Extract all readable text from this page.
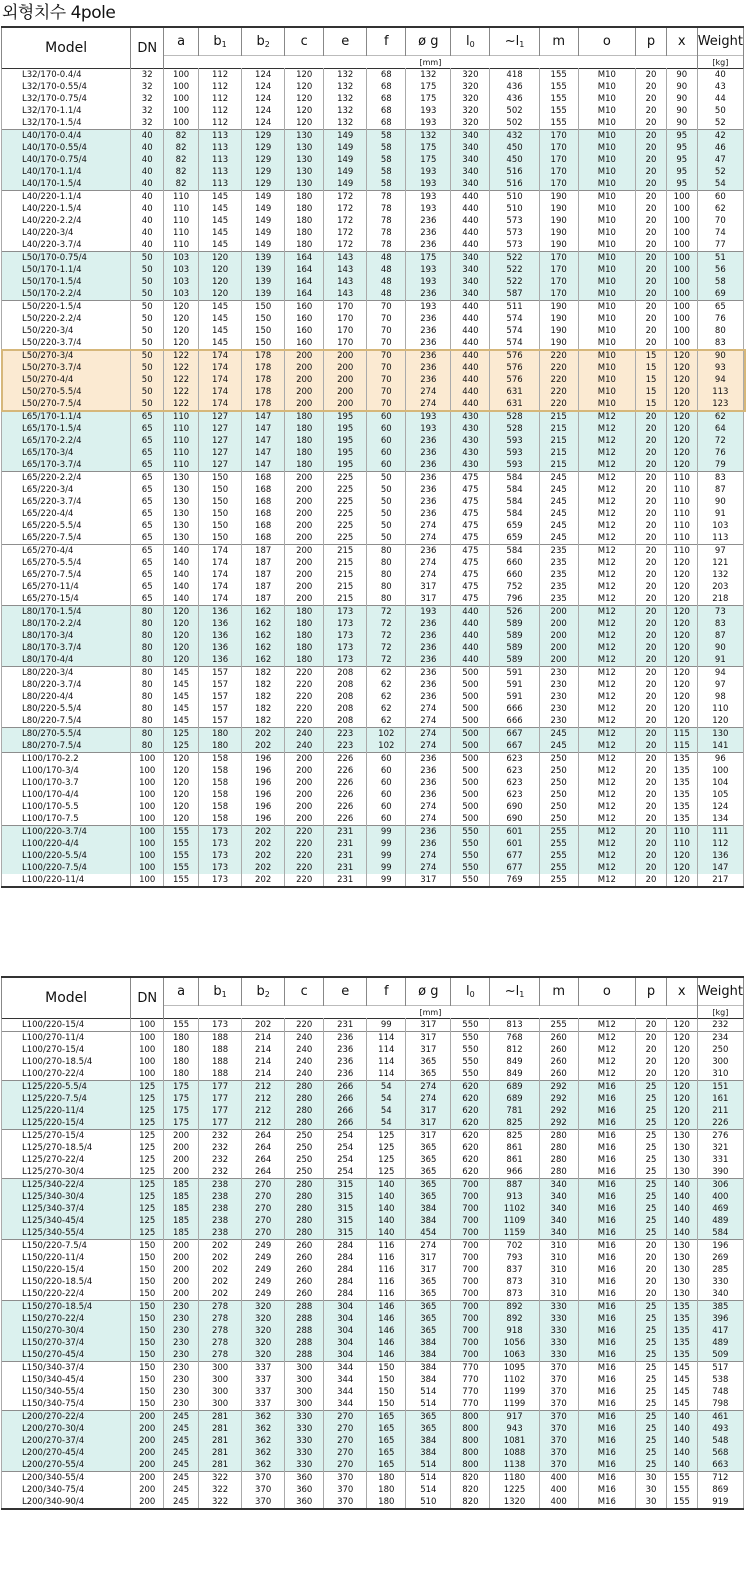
외형치수 4pole
Model	DN	a	$b_1$	$b_2$	c	e	f	ø g	$l_0$	$\sim l_1$	m	o	p	x	Weight
		[mm]													[kg]
L32/170-0.4/4	32	100	112	124	120	132	68	132	320	418	155	M10	20	90	40
L32/170-0.55/4	32	100	112	124	120	132	68	175	320	436	155	M10	20	90	43
L32/170-0.75/4	32	100	112	124	120	132	68	175	320	436	155	M10	20	90	44
L32/170-1.1/4	32	100	112	124	120	132	68	193	320	502	155	M10	20	90	50
L32/170-1.5/4	32	100	112	124	120	132	68	193	320	502	155	M10	20	90	52
L40/170-0.4/4	40	82	113	129	130	149	58	132	340	432	170	M10	20	95	42
L40/170-0.55/4	40	82	113	129	130	149	58	175	340	450	170	M10	20	95	46
L40/170-0.75/4	40	82	113	129	130	149	58	175	340	450	170	M10	20	95	47
L40/170-1.1/4	40	82	113	129	130	149	58	193	340	516	170	M10	20	95	52
L40/170-1.5/4	40	82	113	129	130	149	58	193	340	516	170	M10	20	95	54
L40/220-1.1/4	40	110	145	149	180	172	78	193	440	510	190	M10	20	100	60
L40/220-1.5/4	40	110	145	149	180	172	78	193	440	510	190	M10	20	100	62
L40/220-2.2/4	40	110	145	149	180	172	78	236	440	573	190	M10	20	100	70
L40/220-3/4	40	110	145	149	180	172	78	236	440	573	190	M10	20	100	74
L40/220-3.7/4	40	110	145	149	180	172	78	236	440	573	190	M10	20	100	77
L50/170-0.75/4	50	103	120	139	164	143	48	175	340	522	170	M10	20	100	51
L50/170-1.1/4	50	103	120	139	164	143	48	193	340	522	170	M10	20	100	56
L50/170-1.5/4	50	103	120	139	164	143	48	193	340	522	170	M10	20	100	58
L50/170-2.2/4	50	103	120	139	164	143	48	236	340	587	170	M10	20	100	69
L50/220-1.5/4	50	120	145	150	160	170	70	193	440	511	190	M10	20	100	65
L50/220-2.2/4	50	120	145	150	160	170	70	236	440	574	190	M10	20	100	76
L50/220-3/4	50	120	145	150	160	170	70	236	440	574	190	M10	20	100	80
L50/220-3.7/4	50	120	145	150	160	170	70	236	440	574	190	M10	20	100	83
L50/270-3/4	50	122	174	178	200	200	70	236	440	576	220	M10	15	120	90
L50/270-3.7/4	50	122	174	178	200	200	70	236	440	576	220	M10	15	120	93
L50/270-4/4	50	122	174	178	200	200	70	236	440	576	220	M10	15	120	94
L50/270-5.5/4	50	122	174	178	200	200	70	274	440	631	220	M10	15	120	113
L50/270-7.5/4	50	122	174	178	200	200	70	274	440	631	220	M10	15	120	123
L65/170-1.1/4	65	110	127	147	180	195	60	193	430	528	215	M12	20	120	62
L65/170-1.5/4	65	110	127	147	180	195	60	193	430	528	215	M12	20	120	64
L65/170-2.2/4	65	110	127	147	180	195	60	236	430	593	215	M12	20	120	72
L65/170-3/4	65	110	127	147	180	195	60	236	430	593	215	M12	20	120	76
L65/170-3.7/4	65	110	127	147	180	195	60	236	430	593	215	M12	20	120	79
L65/220-2.2/4	65	130	150	168	200	225	50	236	475	584	245	M12	20	110	83
L65/220-3/4	65	130	150	168	200	225	50	236	475	584	245	M12	20	110	87
L65/220-3.7/4	65	130	150	168	200	225	50	236	475	584	245	M12	20	110	90
L65/220-4/4	65	130	150	168	200	225	50	236	475	584	245	M12	20	110	91
L65/220-5.5/4	65	130	150	168	200	225	50	274	475	659	245	M12	20	110	103
L65/220-7.5/4	65	130	150	168	200	225	50	274	475	659	245	M12	20	110	113
L65/270-4/4	65	140	174	187	200	215	80	236	475	584	235	M12	20	110	97
L65/270-5.5/4	65	140	174	187	200	215	80	274	475	660	235	M12	20	120	121
L65/270-7.5/4	65	140	174	187	200	215	80	274	475	660	235	M12	20	120	132
L65/270-11/4	65	140	174	187	200	215	80	317	475	752	235	M12	20	120	203
L65/270-15/4	65	140	174	187	200	215	80	317	475	796	235	M12	20	120	218
L80/170-1.5/4	80	120	136	162	180	173	72	193	440	526	200	M12	20	120	73
L80/170-2.2/4	80	120	136	162	180	173	72	236	440	589	200	M12	20	120	83
L80/170-3/4	80	120	136	162	180	173	72	236	440	589	200	M12	20	120	87
L80/170-3.7/4	80	120	136	162	180	173	72	236	440	589	200	M12	20	120	90
L80/170-4/4	80	120	136	162	180	173	72	236	440	589	200	M12	20	120	91
L80/220-3/4	80	145	157	182	220	208	62	236	500	591	230	M12	20	120	94
L80/220-3.7/4	80	145	157	182	220	208	62	236	500	591	230	M12	20	120	97
L80/220-4/4	80	145	157	182	220	208	62	236	500	591	230	M12	20	120	98
L80/220-5.5/4	80	145	157	182	220	208	62	274	500	666	230	M12	20	120	110
L80/220-7.5/4	80	145	157	182	220	208	62	274	500	666	230	M12	20	120	120
L80/270-5.5/4	80	125	180	202	240	223	102	274	500	667	245	M12	20	115	130
L80/270-7.5/4	80	125	180	202	240	223	102	274	500	667	245	M12	20	115	141
L100/170-2.2	100	120	158	196	200	226	60	236	500	623	250	M12	20	135	96
L100/170-3/4	100	120	158	196	200	226	60	236	500	623	250	M12	20	135	100
L100/170-3.7	100	120	158	196	200	226	60	236	500	623	250	M12	20	135	104
L100/170-4/4	100	120	158	196	200	226	60	236	500	623	250	M12	20	135	105
L100/170-5.5	100	120	158	196	200	226	60	274	500	690	250	M12	20	135	124
L100/170-7.5	100	120	158	196	200	226	60	274	500	690	250	M12	20	135	134
L100/220-3.7/4	100	155	173	202	220	231	99	236	550	601	255	M12	20	110	111
L100/220-4/4	100	155	173	202	220	231	99	236	550	601	255	M12	20	110	112
L100/220-5.5/4	100	155	173	202	220	231	99	274	550	677	255	M12	20	120	136
L100/220-7.5/4	100	155	173	202	220	231	99	274	550	677	255	M12	20	120	147
L100/220-11/4	100	155	173	202	220	231	99	317	550	769	255	M12	20	120	217
Model	DN	a	$b_1$	$b_2$	c	e	f	ø g	$l_0$	$\sim l_1$	m	o	p	x	Weight
		[mm]													[kg]
L100/220-15/4	100	155	173	202	220	231	99	317	550	813	255	M12	20	120	232
L100/270-11/4	100	180	188	214	240	236	114	317	550	768	260	M12	20	120	234
L100/270-15/4	100	180	188	214	240	236	114	317	550	812	260	M12	20	120	250
L100/270-18.5/4	100	180	188	214	240	236	114	365	550	849	260	M12	20	120	300
L100/270-22/4	100	180	188	214	240	236	114	365	550	849	260	M12	20	120	310
L125/220-5.5/4	125	175	177	212	280	266	54	274	620	689	292	M16	25	120	151
L125/220-7.5/4	125	175	177	212	280	266	54	274	620	689	292	M16	25	120	161
L125/220-11/4	125	175	177	212	280	266	54	317	620	781	292	M16	25	120	211
L125/220-15/4	125	175	177	212	280	266	54	317	620	825	292	M16	25	120	226
L125/270-15/4	125	200	232	264	250	254	125	317	620	825	280	M16	25	130	276
L125/270-18.5/4	125	200	232	264	250	254	125	365	620	861	280	M16	25	130	321
L125/270-22/4	125	200	232	264	250	254	125	365	620	861	280	M16	25	130	331
L125/270-30/4	125	200	232	264	250	254	125	365	620	966	280	M16	25	130	390
L125/340-22/4	125	185	238	270	280	315	140	365	700	887	340	M16	25	140	306
L125/340-30/4	125	185	238	270	280	315	140	365	700	913	340	M16	25	140	400
L125/340-37/4	125	185	238	270	280	315	140	384	700	1102	340	M16	25	140	469
L125/340-45/4	125	185	238	270	280	315	140	384	700	1109	340	M16	25	140	489
L125/340-55/4	125	185	238	270	280	315	140	454	700	1159	340	M16	25	140	584
L150/220-7.5/4	150	200	202	249	260	284	116	274	700	702	310	M16	20	130	196
L150/220-11/4	150	200	202	249	260	284	116	317	700	793	310	M16	20	130	269
L150/220-15/4	150	200	202	249	260	284	116	317	700	837	310	M16	20	130	285
L150/220-18.5/4	150	200	202	249	260	284	116	365	700	873	310	M16	20	130	330
L150/220-22/4	150	200	202	249	260	284	116	365	700	873	310	M16	20	130	340
L150/270-18.5/4	150	230	278	320	288	304	146	365	700	892	330	M16	25	135	385
L150/270-22/4	150	230	278	320	288	304	146	365	700	892	330	M16	25	135	396
L150/270-30/4	150	230	278	320	288	304	146	365	700	918	330	M16	25	135	417
L150/270-37/4	150	230	278	320	288	304	146	384	700	1056	330	M16	25	135	489
L150/270-45/4	150	230	278	320	288	304	146	384	700	1063	330	M16	25	135	509
L150/340-37/4	150	230	300	337	300	344	150	384	770	1095	370	M16	25	145	517
L150/340-45/4	150	230	300	337	300	344	150	384	770	1102	370	M16	25	145	538
L150/340-55/4	150	230	300	337	300	344	150	514	770	1199	370	M16	25	145	748
L150/340-75/4	150	230	300	337	300	344	150	514	770	1199	370	M16	25	145	798
L200/270-22/4	200	245	281	362	330	270	165	365	800	917	370	M16	25	140	461
L200/270-30/4	200	245	281	362	330	270	165	365	800	943	370	M16	25	140	493
L200/270-37/4	200	245	281	362	330	270	165	384	800	1081	370	M16	25	140	548
L200/270-45/4	200	245	281	362	330	270	165	384	800	1088	370	M16	25	140	568
L200/270-55/4	200	245	281	362	330	270	165	514	800	1138	370	M16	25	140	663
L200/340-55/4	200	245	322	370	360	370	180	514	820	1180	400	M16	30	155	712
L200/340-75/4	200	245	322	370	360	370	180	514	820	1225	400	M16	30	155	869
L200/340-90/4	200	245	322	370	360	370	180	510	820	1320	400	M16	30	155	919
